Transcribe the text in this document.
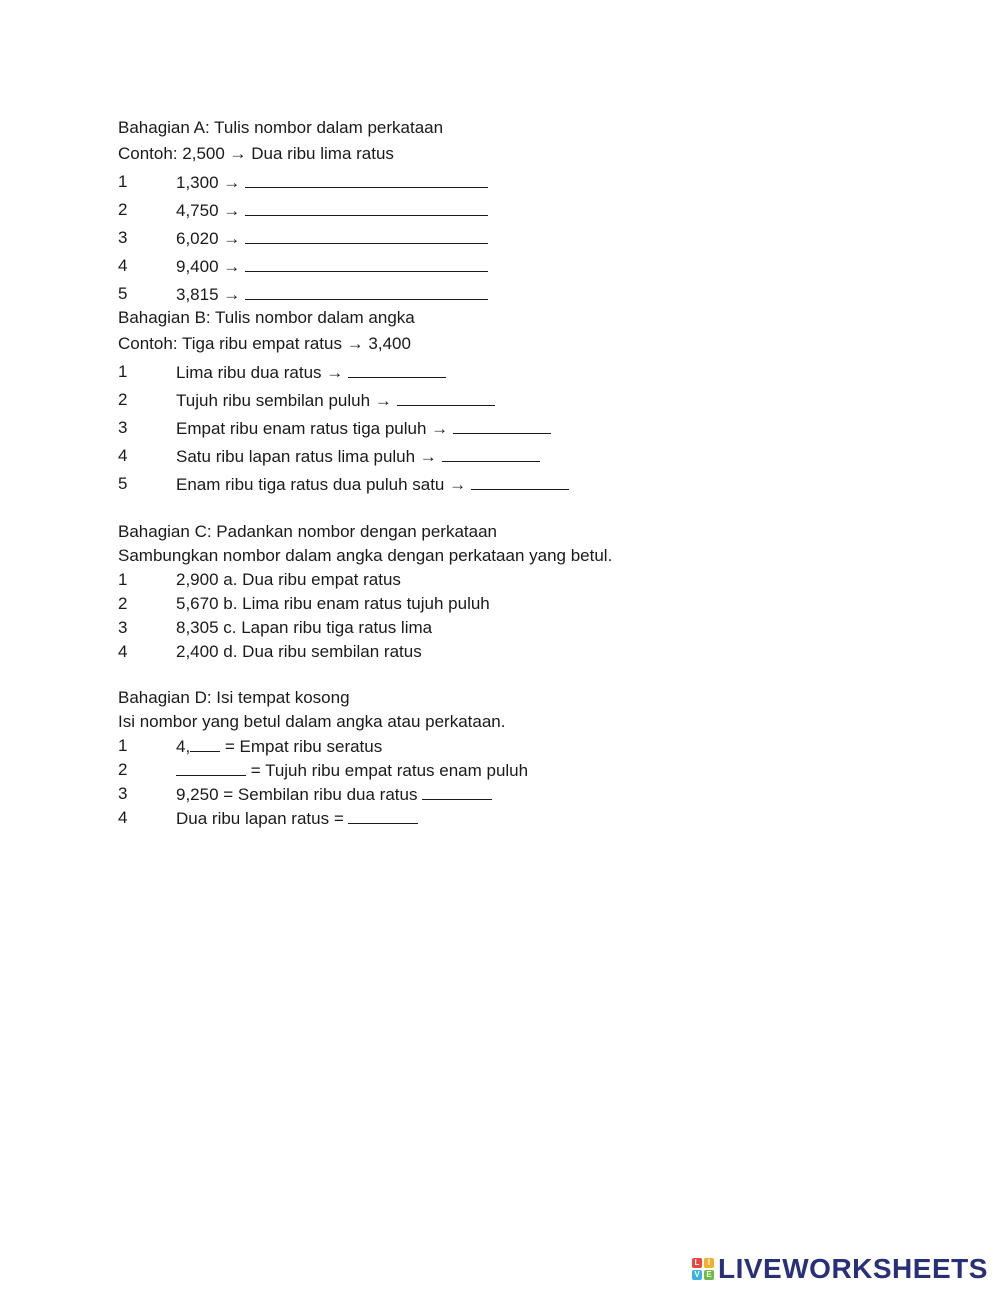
Bahagian A: Tulis nombor dalam perkataan
Contoh: 2,500 → Dua ribu lima ratus
1	1,300 →
2	4,750 →
3	6,020 →
4	9,400 →
5	3,815 →
Bahagian B: Tulis nombor dalam angka
Contoh: Tiga ribu empat ratus → 3,400
1	Lima ribu dua ratus →
2	Tujuh ribu sembilan puluh →
3	Empat ribu enam ratus tiga puluh →
4	Satu ribu lapan ratus lima puluh →
5	Enam ribu tiga ratus dua puluh satu →
Bahagian C: Padankan nombor dengan perkataan
Sambungkan nombor dalam angka dengan perkataan yang betul.
1	2,900 a. Dua ribu empat ratus
2	5,670 b. Lima ribu enam ratus tujuh puluh
3	8,305 c. Lapan ribu tiga ratus lima
4	2,400 d. Dua ribu sembilan ratus
Bahagian D: Isi tempat kosong
Isi nombor yang betul dalam angka atau perkataan.
1	4, = Empat ribu seratus
2	= Tujuh ribu empat ratus enam puluh
3	9,250 = Sembilan ribu dua ratus
4	Dua ribu lapan ratus =
L	I
V E LIVEWORKSHEETS
